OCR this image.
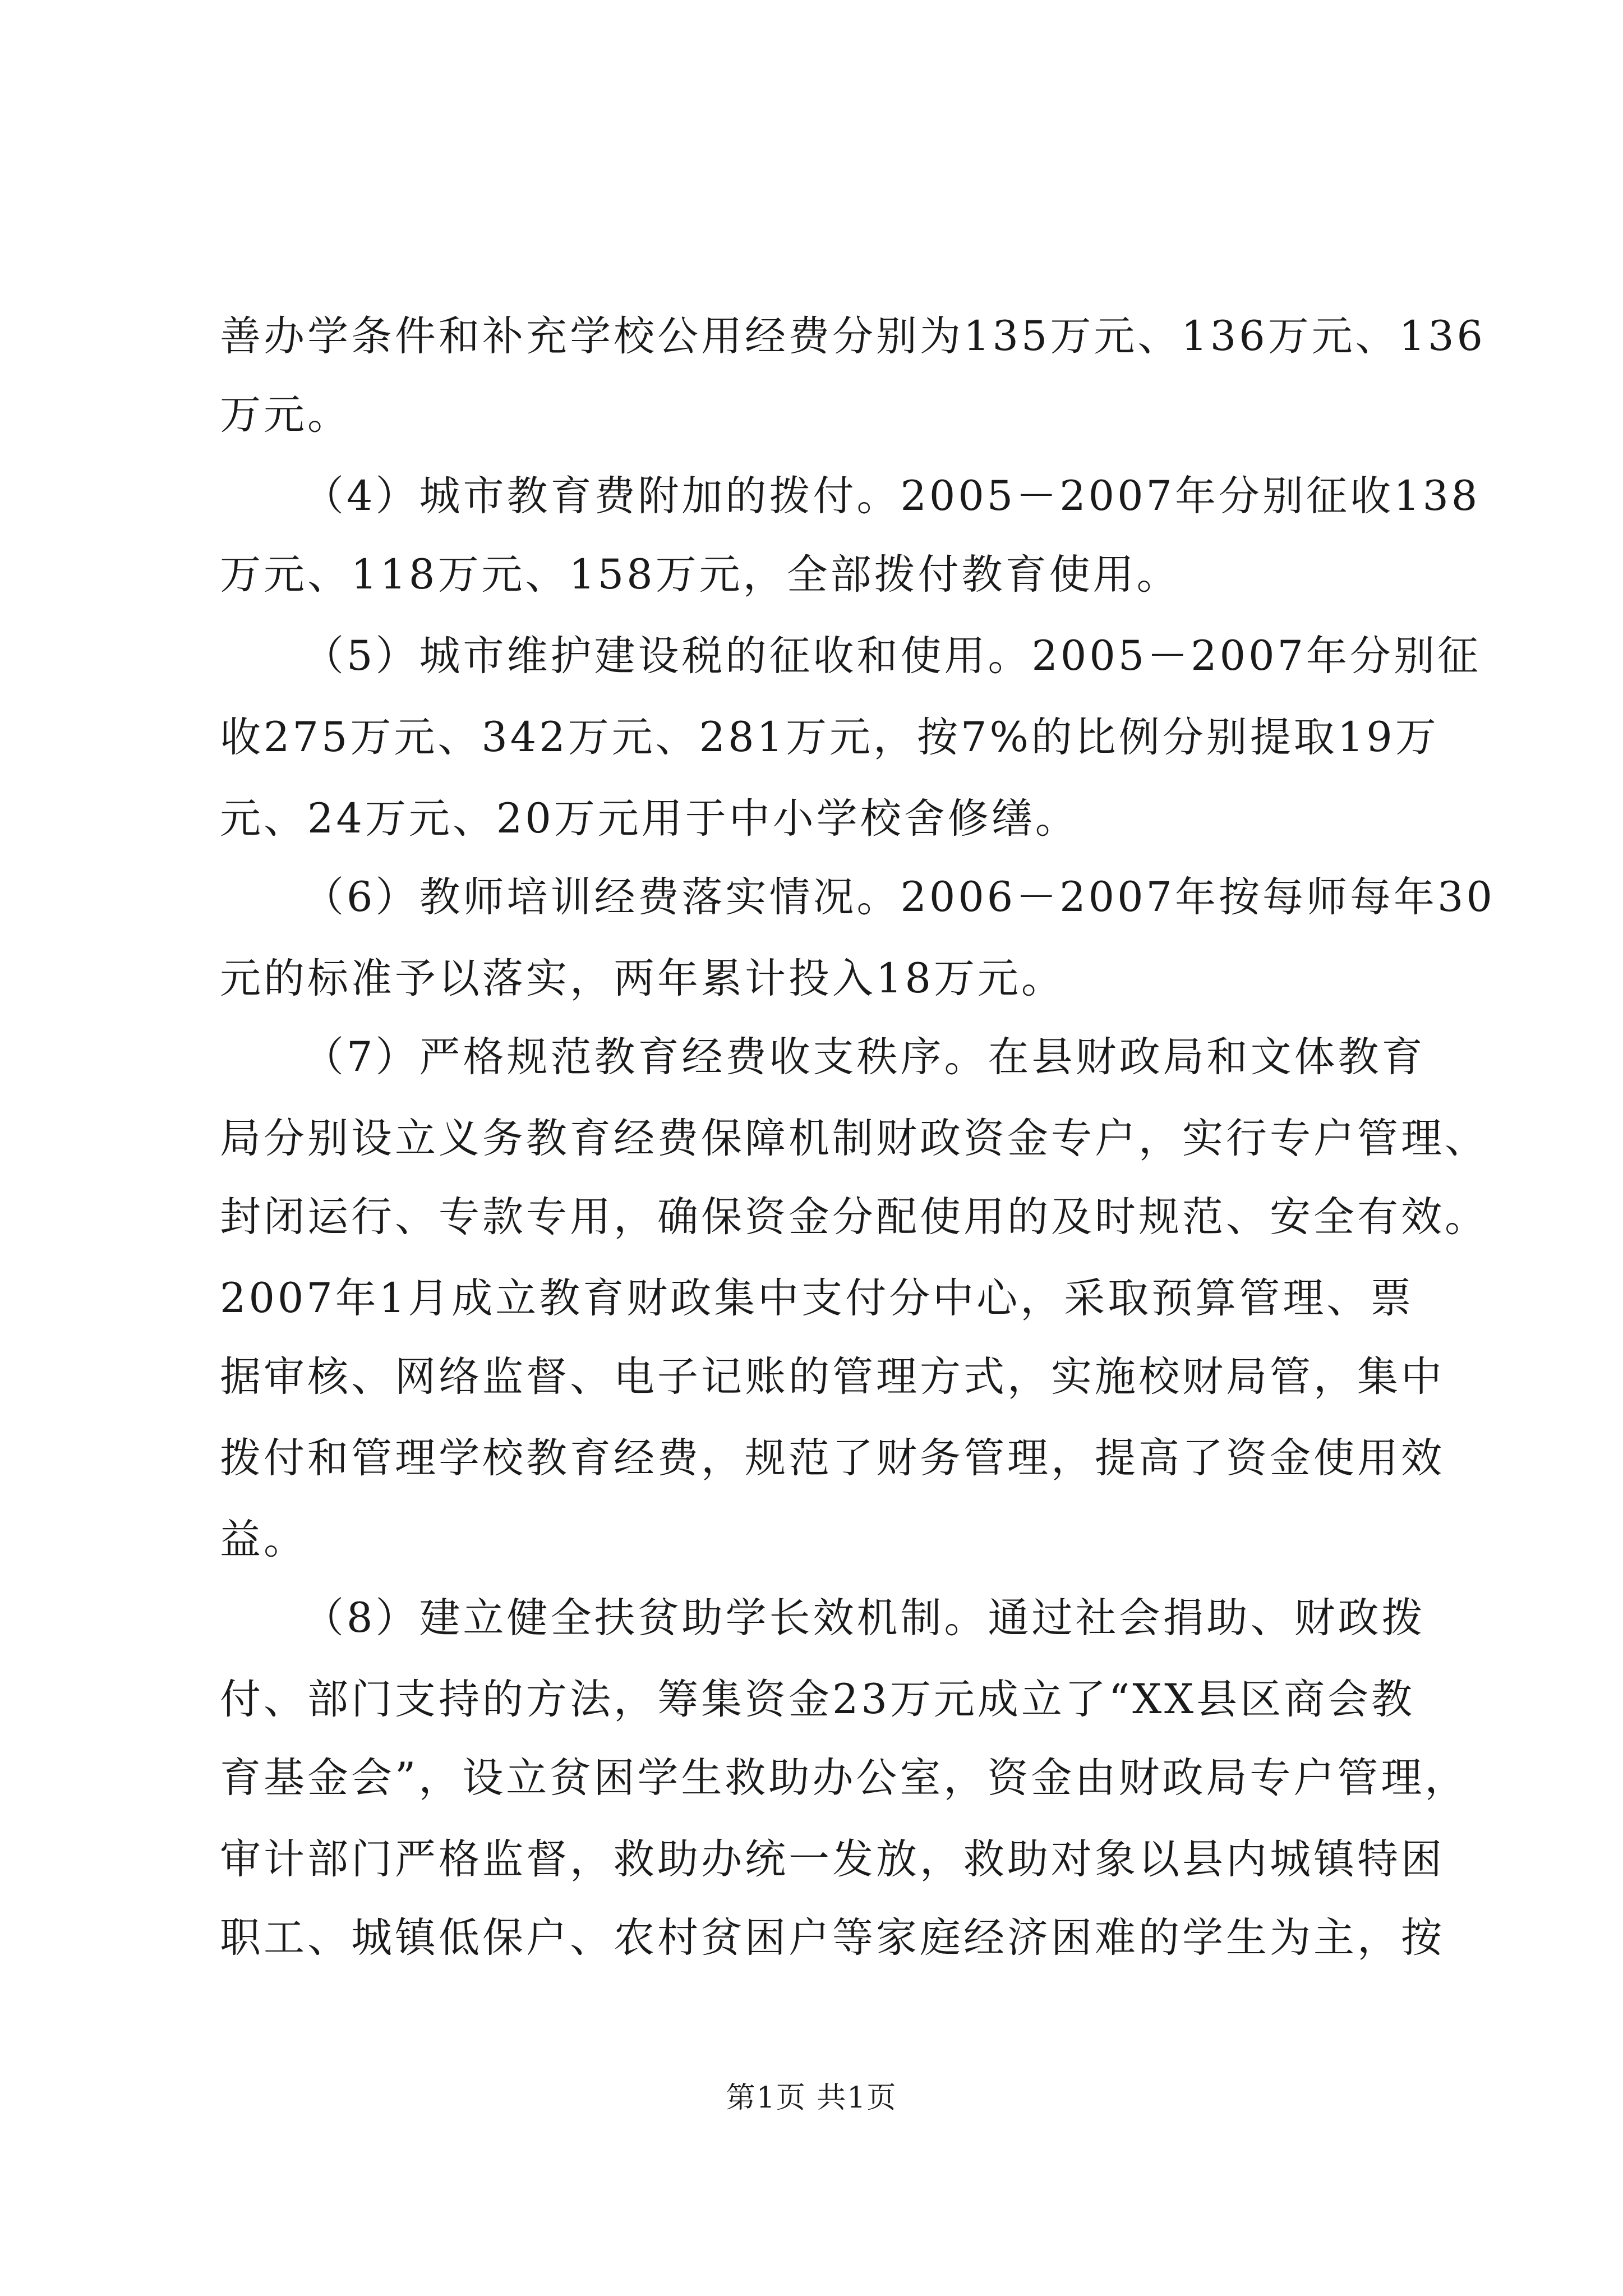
善办学条件和补充学校公用经费分别为135万元、136万元、136
万元。
（4）城市教育费附加的拨付。2005－2007年分别征收138
万元、118万元、158万元，全部拨付教育使用。
（5）城市维护建设税的征收和使用。2005－2007年分别征
收275万元、342万元、281万元，按7%的比例分别提取19万
元、24万元、20万元用于中小学校舍修缮。
（6）教师培训经费落实情况。2006－2007年按每师每年30
元的标准予以落实，两年累计投入18万元。
（7）严格规范教育经费收支秩序。在县财政局和文体教育
局分别设立义务教育经费保障机制财政资金专户，实行专户管理、
封闭运行、专款专用，确保资金分配使用的及时规范、安全有效。
2007年1月成立教育财政集中支付分中心，采取预算管理、票
据审核、网络监督、电子记账的管理方式，实施校财局管，集中
拨付和管理学校教育经费，规范了财务管理，提高了资金使用效
益。
（8）建立健全扶贫助学长效机制。通过社会捐助、财政拨
付、部门支持的方法，筹集资金23万元成立了“XX县区商会教
育基金会”，设立贫困学生救助办公室，资金由财政局专户管理，
审计部门严格监督，救助办统一发放，救助对象以县内城镇特困
职工、城镇低保户、农村贫困户等家庭经济困难的学生为主，按
第1页 共1页
